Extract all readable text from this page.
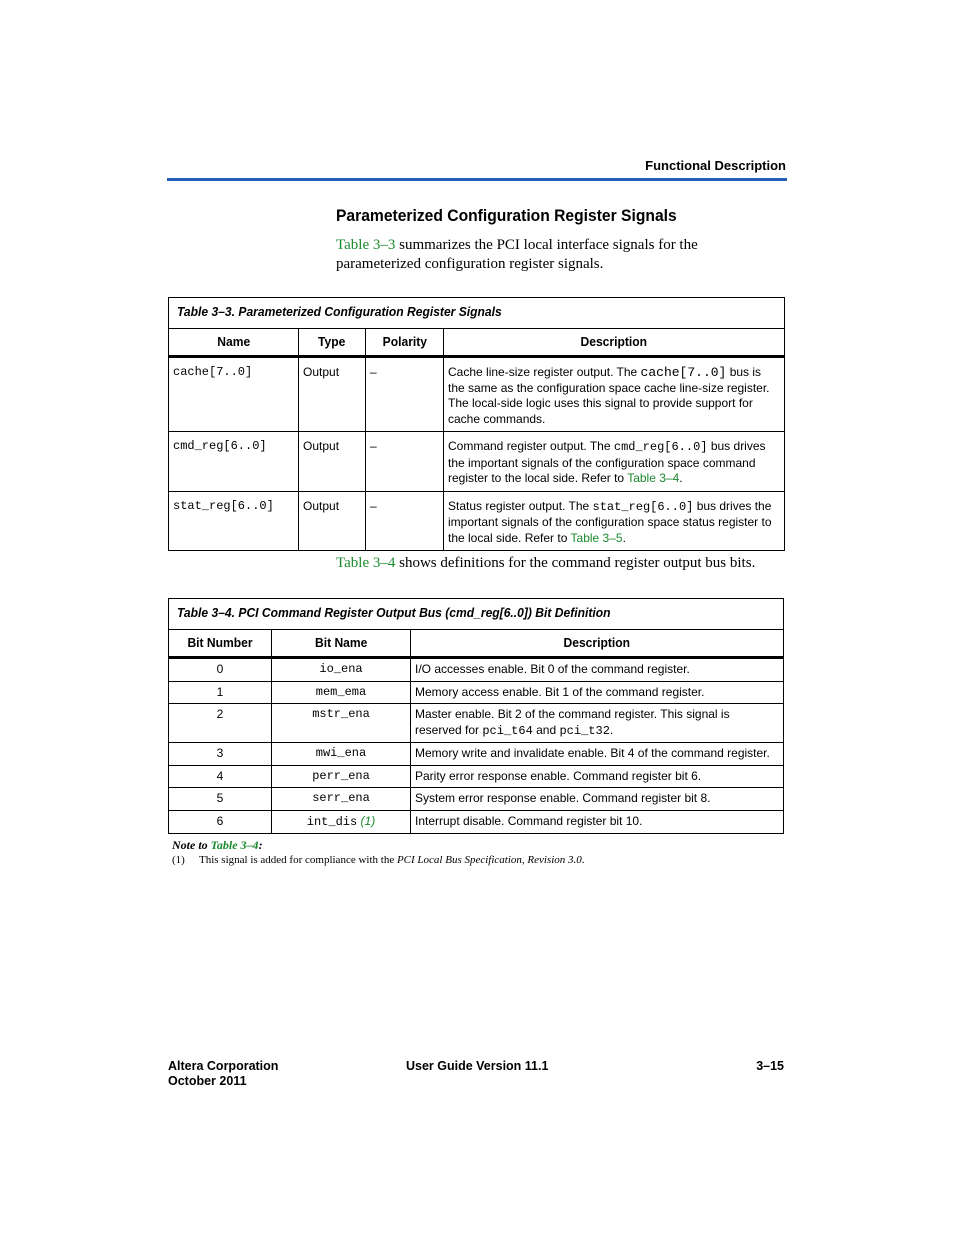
Functional Description
Parameterized Configuration Register Signals
Table 3–3 summarizes the PCI local interface signals for the parameterized configuration register signals.
Table 3–3. Parameterized Configuration Register Signals			
Name	Type	Polarity	Description
cache[7..0]	Output	–	Cache line-size register output. The cache[7..0] bus is the same as the configuration space cache line-size register. The local-side logic uses this signal to provide support for cache commands.
cmd_reg[6..0]	Output	–	Command register output. The cmd_reg[6..0] bus drives the important signals of the configuration space command register to the local side. Refer to Table 3–4.
stat_reg[6..0]	Output	–	Status register output. The stat_reg[6..0] bus drives the important signals of the configuration space status register to the local side. Refer to Table 3–5.
Table 3–4 shows definitions for the command register output bus bits.
Table 3–4. PCI Command Register Output Bus (cmd_reg[6..0]) Bit Definition		
Bit Number	Bit Name	Description
0	io_ena	I/O accesses enable. Bit 0 of the command register.
1	mem_ema	Memory access enable. Bit 1 of the command register.
2	mstr_ena	Master enable. Bit 2 of the command register. This signal is reserved for pci_t64 and pci_t32.
3	mwi_ena	Memory write and invalidate enable. Bit 4 of the command register.
4	perr_ena	Parity error response enable. Command register bit 6.
5	serr_ena	System error response enable. Command register bit 8.
6	int_dis (1)	Interrupt disable. Command register bit 10.
Note to Table 3–4:
(1) This signal is added for compliance with the PCI Local Bus Specification, Revision 3.0.
Altera Corporation
October 2011
User Guide Version 11.1	3–15
